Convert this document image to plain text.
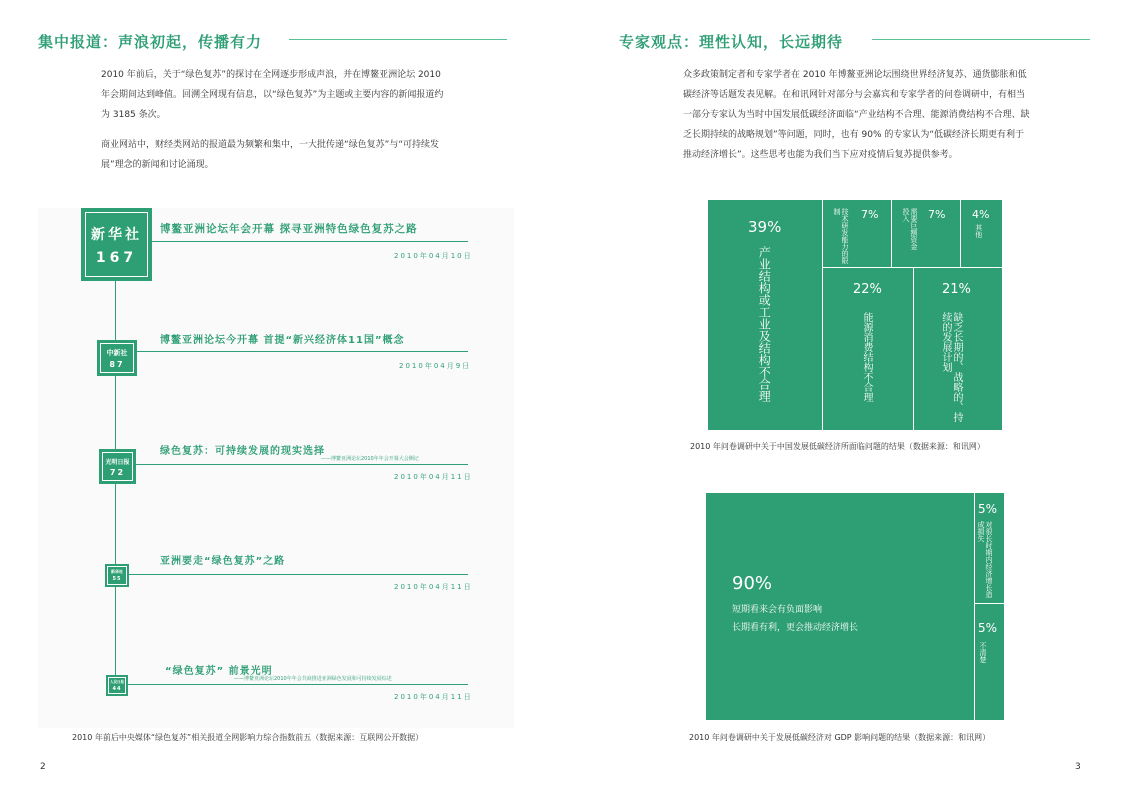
集中报道：声浪初起，传播有力

2010 年前后，关于“绿色复苏”的探讨在全网逐步形成声浪，并在博鳌亚洲论坛 2010 年会期间达到峰值。回溯全网现有信息，以“绿色复苏”为主题或主要内容的新闻报道约为 3185 条次。

商业网站中，财经类网站的报道最为频繁和集中，一大批传递“绿色复苏”与“可持续发展”理念的新闻和讨论涌现。

新华社
167
博鳌亚洲论坛年会开幕 探寻亚洲特色绿色复苏之路
2010年04月10日
中新社
87
博鳌亚洲论坛今开幕 首提“新兴经济体11国”概念
2010年04月9日
光明日报
72
绿色复苏：可持续发展的现实选择
——博鳌亚洲论坛2010年年会开幕大会侧记
2010年04月11日
新华社
55
亚洲要走“绿色复苏”之路
2010年04月11日
人民日报
44
“绿色复苏” 前景光明
——博鳌亚洲论坛2010年年会共商推进亚洲绿色发展和可持续发展综述
2010年04月11日
2010 年前后中央媒体“绿色复苏”相关报道全网影响力综合指数前五（数据来源：互联网公开数据）
2
专家观点：理性认知，长远期待

众多政策制定者和专家学者在 2010 年博鳌亚洲论坛围绕世界经济复苏、通货膨胀和低碳经济等话题发表见解。在和讯网针对部分与会嘉宾和专家学者的问卷调研中，有相当一部分专家认为当时中国发展低碳经济面临“产业结构不合理、能源消费结构不合理、缺乏长期持续的战略规划”等问题，同时，也有 90% 的专家认为“低碳经济长期更有利于推动经济增长”。这些思考也能为我们当下应对疫情后复苏提供参考。

39%
产业结构或工业及结构不合理
7%
技术研发能力的限制	7%
需要巨额资金投入	4%
其他
22%
能源消费结构不合理
21%
缺乏长期的、战略的、持续的发展计划
2010 年问卷调研中关于中国发展低碳经济所面临问题的结果（数据来源：和讯网）
90%
短期看来会有负面影响
长期看有利，更会推动经济增长
5%
对很长时期内经济增长造成损失
5%
不清楚
2010 年问卷调研中关于发展低碳经济对 GDP 影响问题的结果（数据来源：和讯网）
3
